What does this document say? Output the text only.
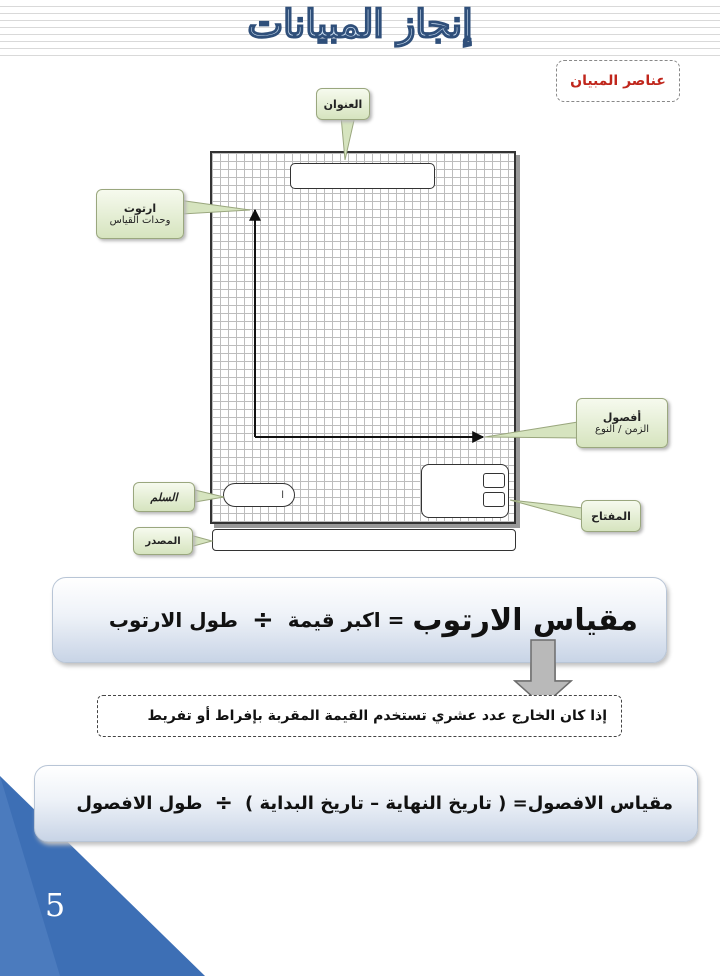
إنجاز المبيانات
عناصر المبيان
ا
العنوان
ارتوت
وحدات القياس
أفصول
الزمن / النوع
السلم
المفتاح
المصدر
مقياس الارتوب
= اكبر قيمة
÷
طول الارتوب
إذا كان الخارج عدد عشري تستخدم القيمة المقربة بإفراط أو تفريط
مقياس الافصول= ( تاريخ النهاية – تاريخ البداية )
÷
طول الافصول
5
